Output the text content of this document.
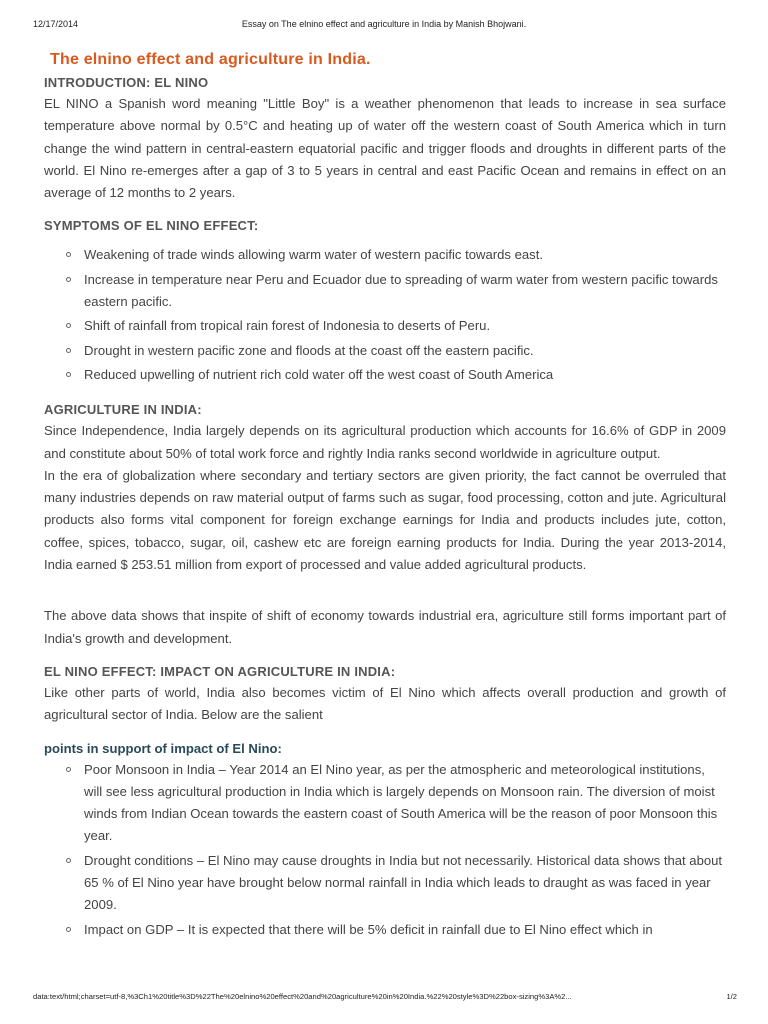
12/17/2014	Essay on The elnino effect and agriculture in India by Manish Bhojwani.
The elnino effect and agriculture in India.

INTRODUCTION: EL NINO

EL NINO a Spanish word meaning "Little Boy" is a weather phenomenon that leads to increase in sea surface temperature above normal by 0.5°C and heating up of water off the western coast of South America which in turn change the wind pattern in central-eastern equatorial pacific and trigger floods and droughts in different parts of the world. El Nino re-emerges after a gap of 3 to 5 years in central and east Pacific Ocean and remains in effect on an average of 12 months to 2 years.

SYMPTOMS OF EL NINO EFFECT:

Weakening of trade winds allowing warm water of western pacific towards east.
Increase in temperature near Peru and Ecuador due to spreading of warm water from western pacific towards eastern pacific.
Shift of rainfall from tropical rain forest of Indonesia to deserts of Peru.
Drought in western pacific zone and floods at the coast off the eastern pacific.
Reduced upwelling of nutrient rich cold water off the west coast of South America

AGRICULTURE IN INDIA:

Since Independence, India largely depends on its agricultural production which accounts for 16.6% of GDP in 2009 and constitute about 50% of total work force and rightly India ranks second worldwide in agriculture output.

In the era of globalization where secondary and tertiary sectors are given priority, the fact cannot be overruled that many industries depends on raw material output of farms such as sugar, food processing, cotton and jute. Agricultural products also forms vital component for foreign exchange earnings for India and products includes jute, cotton, coffee, spices, tobacco, sugar, oil, cashew etc are foreign earning products for India. During the year 2013-2014, India earned $ 253.51 million from export of processed and value added agricultural products.

The above data shows that inspite of shift of economy towards industrial era, agriculture still forms important part of India's growth and development.

EL NINO EFFECT: IMPACT ON AGRICULTURE IN INDIA:

Like other parts of world, India also becomes victim of El Nino which affects overall production and growth of agricultural sector of India. Below are the salient

points in support of impact of El Nino:

Poor Monsoon in India – Year 2014 an El Nino year, as per the atmospheric and meteorological institutions, will see less agricultural production in India which is largely depends on Monsoon rain. The diversion of moist winds from Indian Ocean towards the eastern coast of South America will be the reason of poor Monsoon this year.
Drought conditions – El Nino may cause droughts in India but not necessarily. Historical data shows that about 65 % of El Nino year have brought below normal rainfall in India which leads to draught as was faced in year 2009.
Impact on GDP – It is expected that there will be 5% deficit in rainfall due to El Nino effect which in
data:text/html;charset=utf-8,%3Ch1%20title%3D%22The%20elnino%20effect%20and%20agriculture%20in%20India.%22%20style%3D%22box-sizing%3A%2...	1/2
